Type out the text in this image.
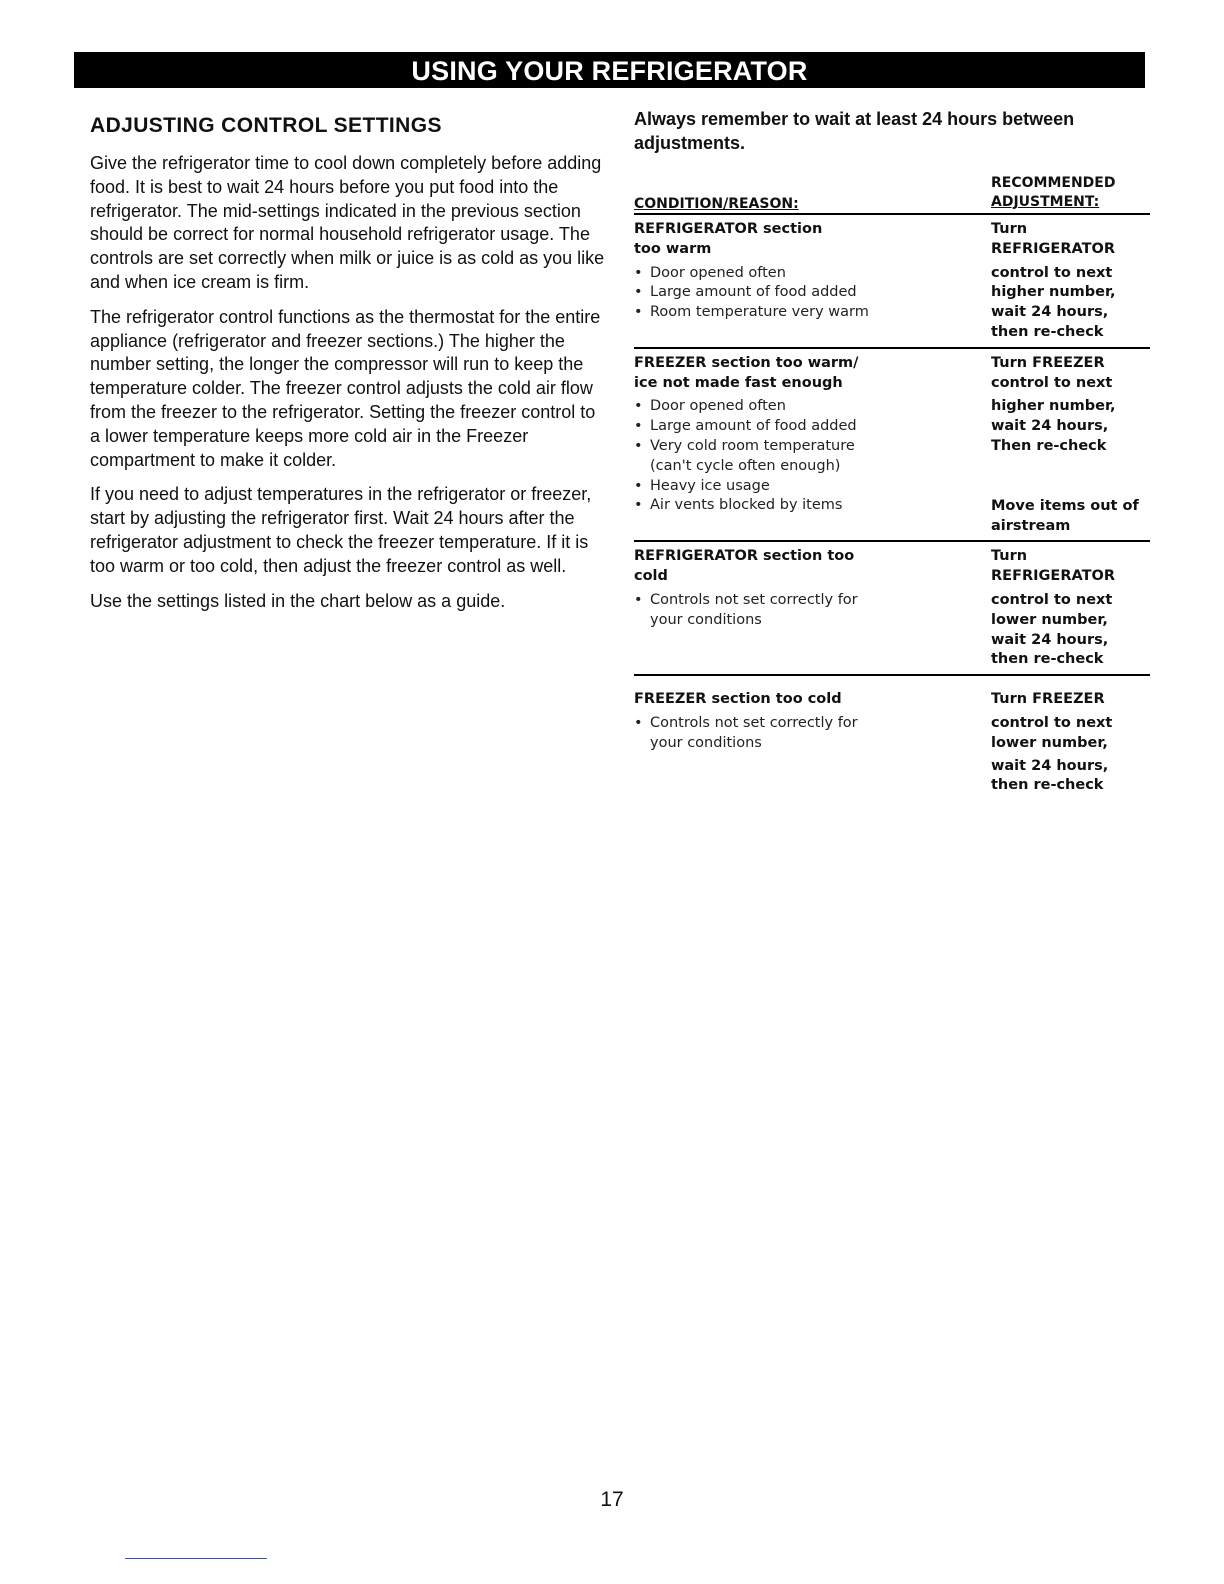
USING YOUR REFRIGERATOR
ADJUSTING CONTROL SETTINGS

Give the refrigerator time to cool down completely before adding food. It is best to wait 24 hours before you put food into the refrigerator. The mid-settings indicated in the previous section should be correct for normal household refrigerator usage. The controls are set correctly when milk or juice is as cold as you like and when ice cream is firm.

The refrigerator control functions as the thermostat for the entire appliance (refrigerator and freezer sections.) The higher the number setting, the longer the compressor will run to keep the temperature colder. The freezer control adjusts the cold air flow from the freezer to the refrigerator. Setting the freezer control to a lower temperature keeps more cold air in the Freezer compartment to make it colder.

If you need to adjust temperatures in the refrigerator or freezer, start by adjusting the refrigerator first. Wait 24 hours after the refrigerator adjustment to check the freezer temperature. If it is too warm or too cold, then adjust the freezer control as well.

Use the settings listed in the chart below as a guide.

Always remember to wait at least 24 hours between adjustments.

CONDITION/REASON:
RECOMMENDED
ADJUSTMENT:
REFRIGERATOR section
too warm
• Door opened often
• Large amount of food added
• Room temperature very warm
Turn
REFRIGERATOR
control to next
higher number,
wait 24 hours,
then re-check
FREEZER section too warm/
ice not made fast enough
• Door opened often
• Large amount of food added
• Very cold room temperature
(can't cycle often enough)
• Heavy ice usage
• Air vents blocked by items
Turn FREEZER
control to next
higher number,
wait 24 hours,
Then re-check
Move items out of
airstream
REFRIGERATOR section too
cold
• Controls not set correctly for
your conditions
Turn
REFRIGERATOR
control to next
lower number,
wait 24 hours,
then re-check
FREEZER section too cold
• Controls not set correctly for
your conditions
Turn FREEZER
control to next
lower number,
wait 24 hours,
then re-check
17
